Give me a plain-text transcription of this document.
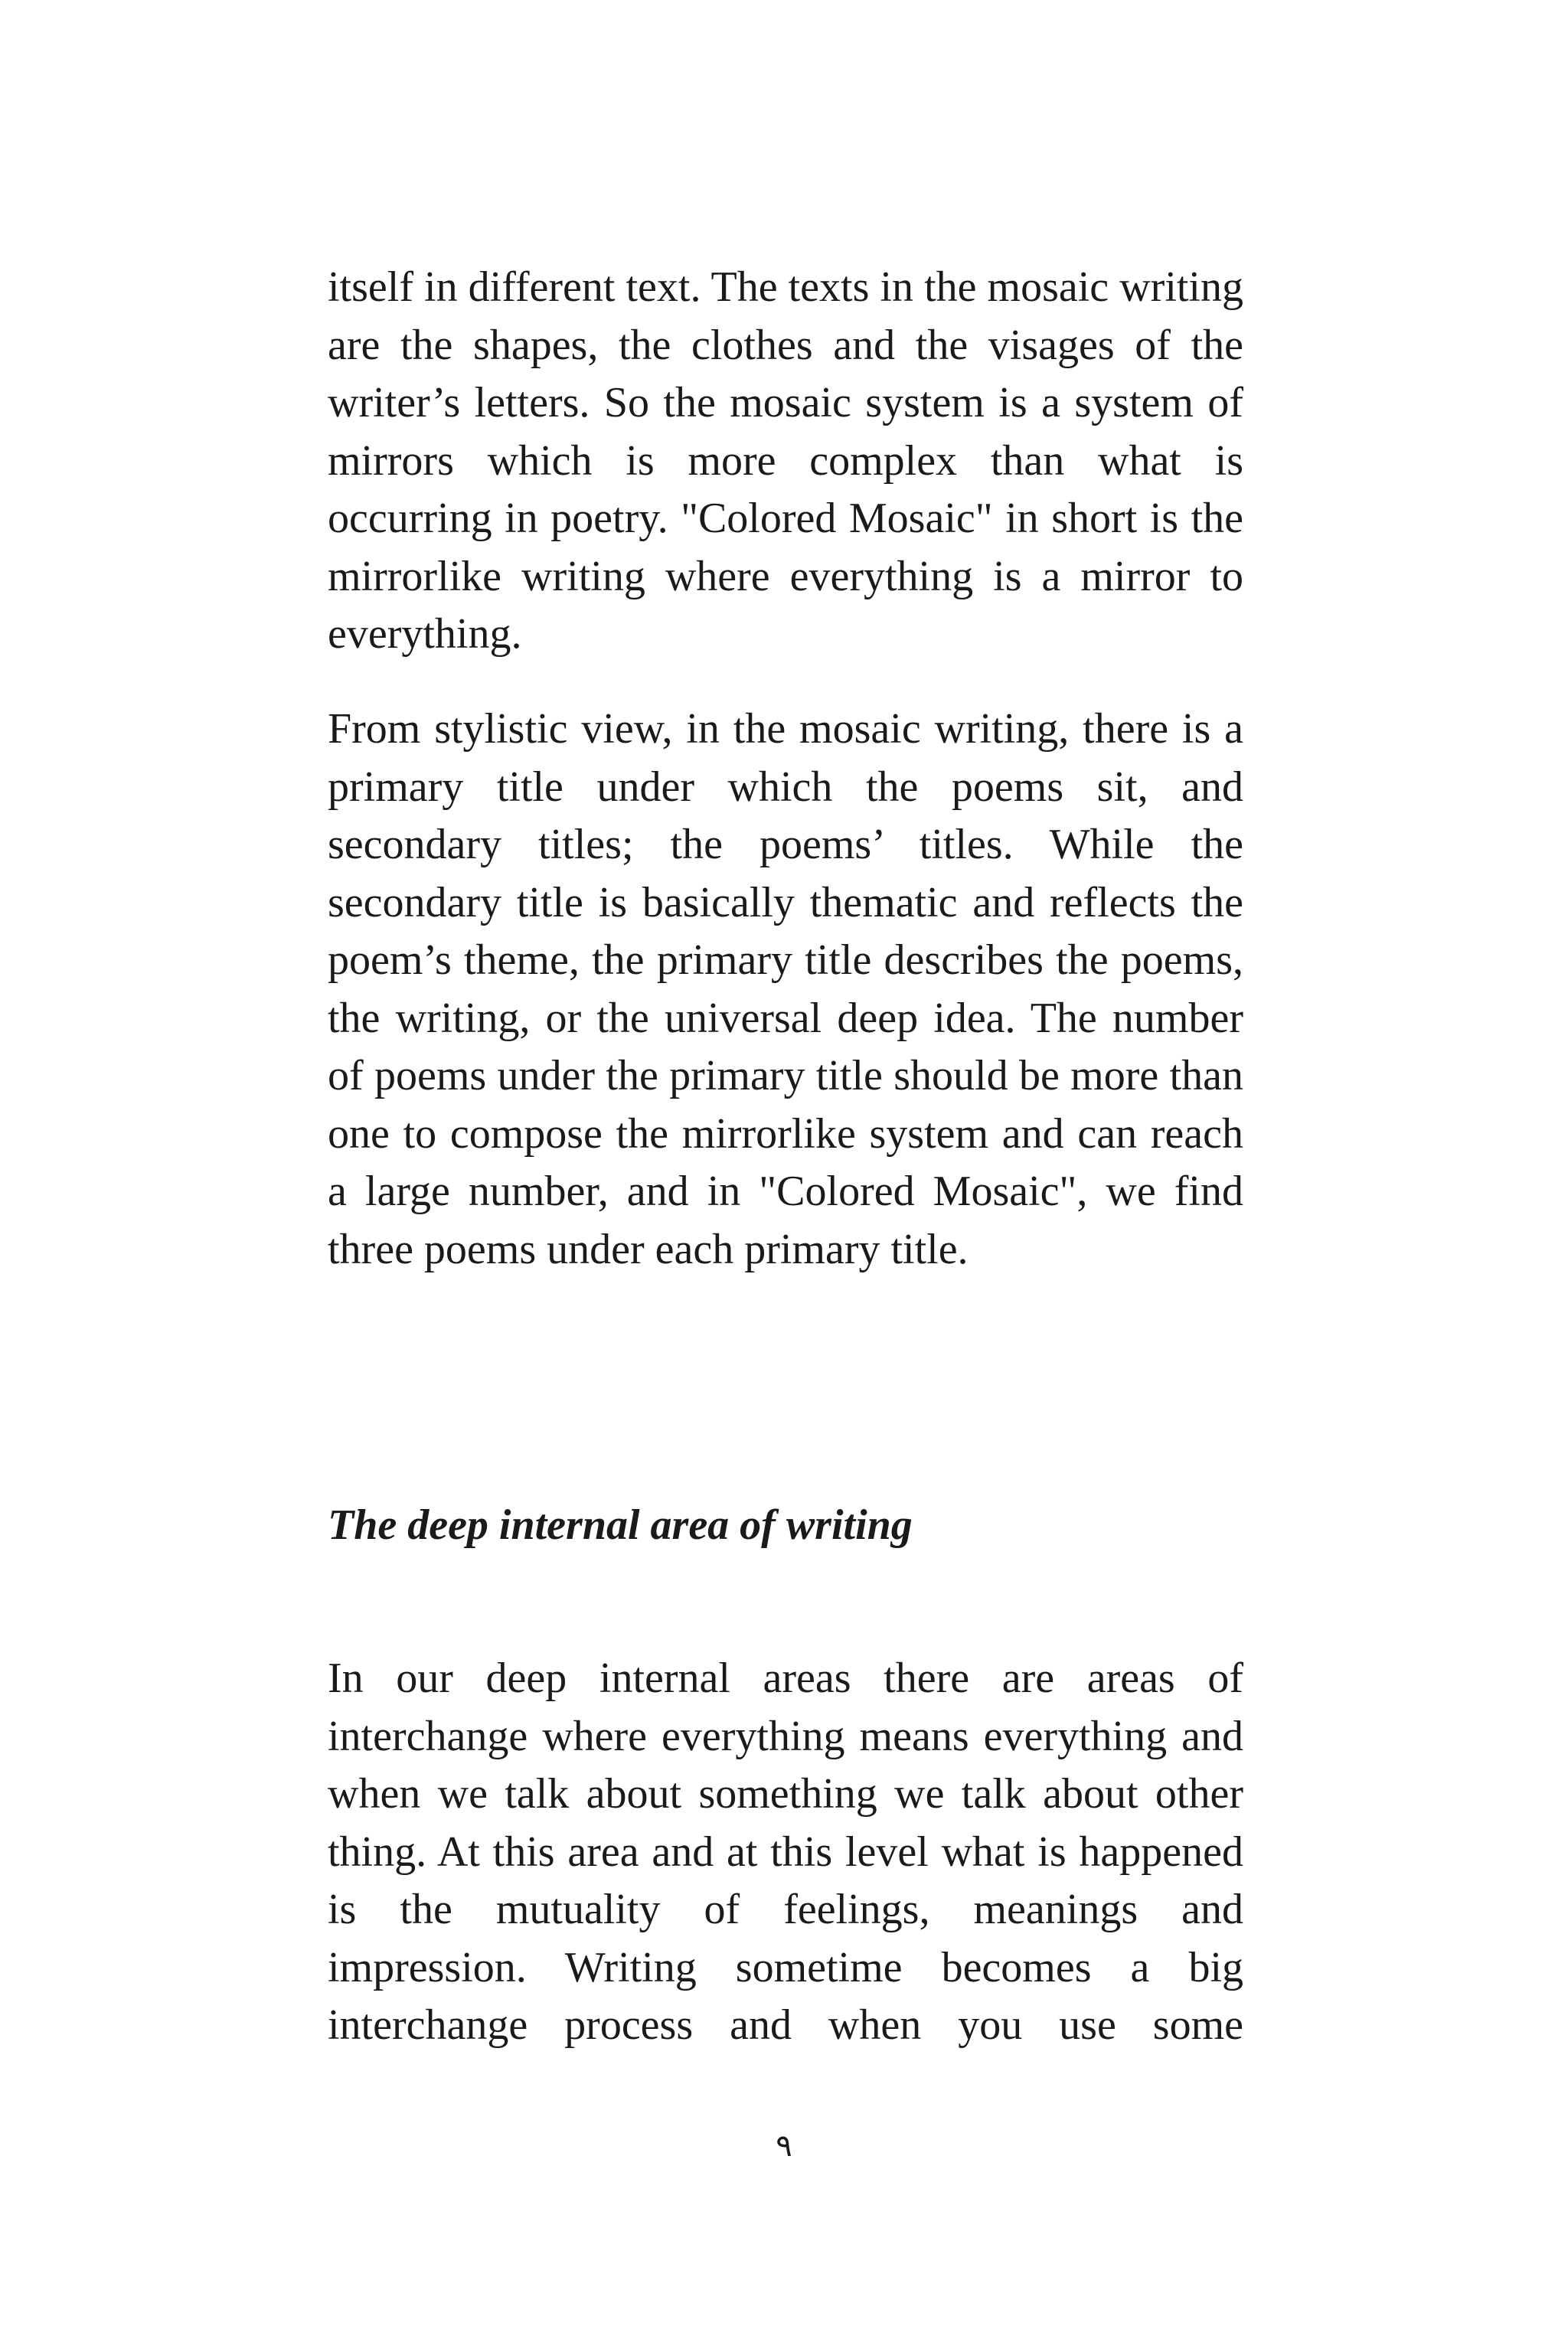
itself in different text. The texts in the mosaic writing are the shapes, the clothes and the visages of the writer’s letters. So the mosaic system is a system of mirrors which is more complex than what is occurring in poetry. "Colored Mosaic" in short is the mirrorlike writing where everything is a mirror to everything.

From stylistic view, in the mosaic writing, there is a primary title under which the poems sit, and secondary titles; the poems’ titles. While the secondary title is basically thematic and reflects the poem’s theme, the primary title describes the poems, the writing, or the universal deep idea. The number of poems under the primary title should be more than one to compose the mirrorlike system and can reach a large number, and in "Colored Mosaic", we find three poems under each primary title.

The deep internal area of writing

In our deep internal areas there are areas of interchange where everything means everything and when we talk about something we talk about other thing. At this area and at this level what is happened is the mutuality of feelings, meanings and impression. Writing sometime becomes a big interchange process and when you use some

٩
